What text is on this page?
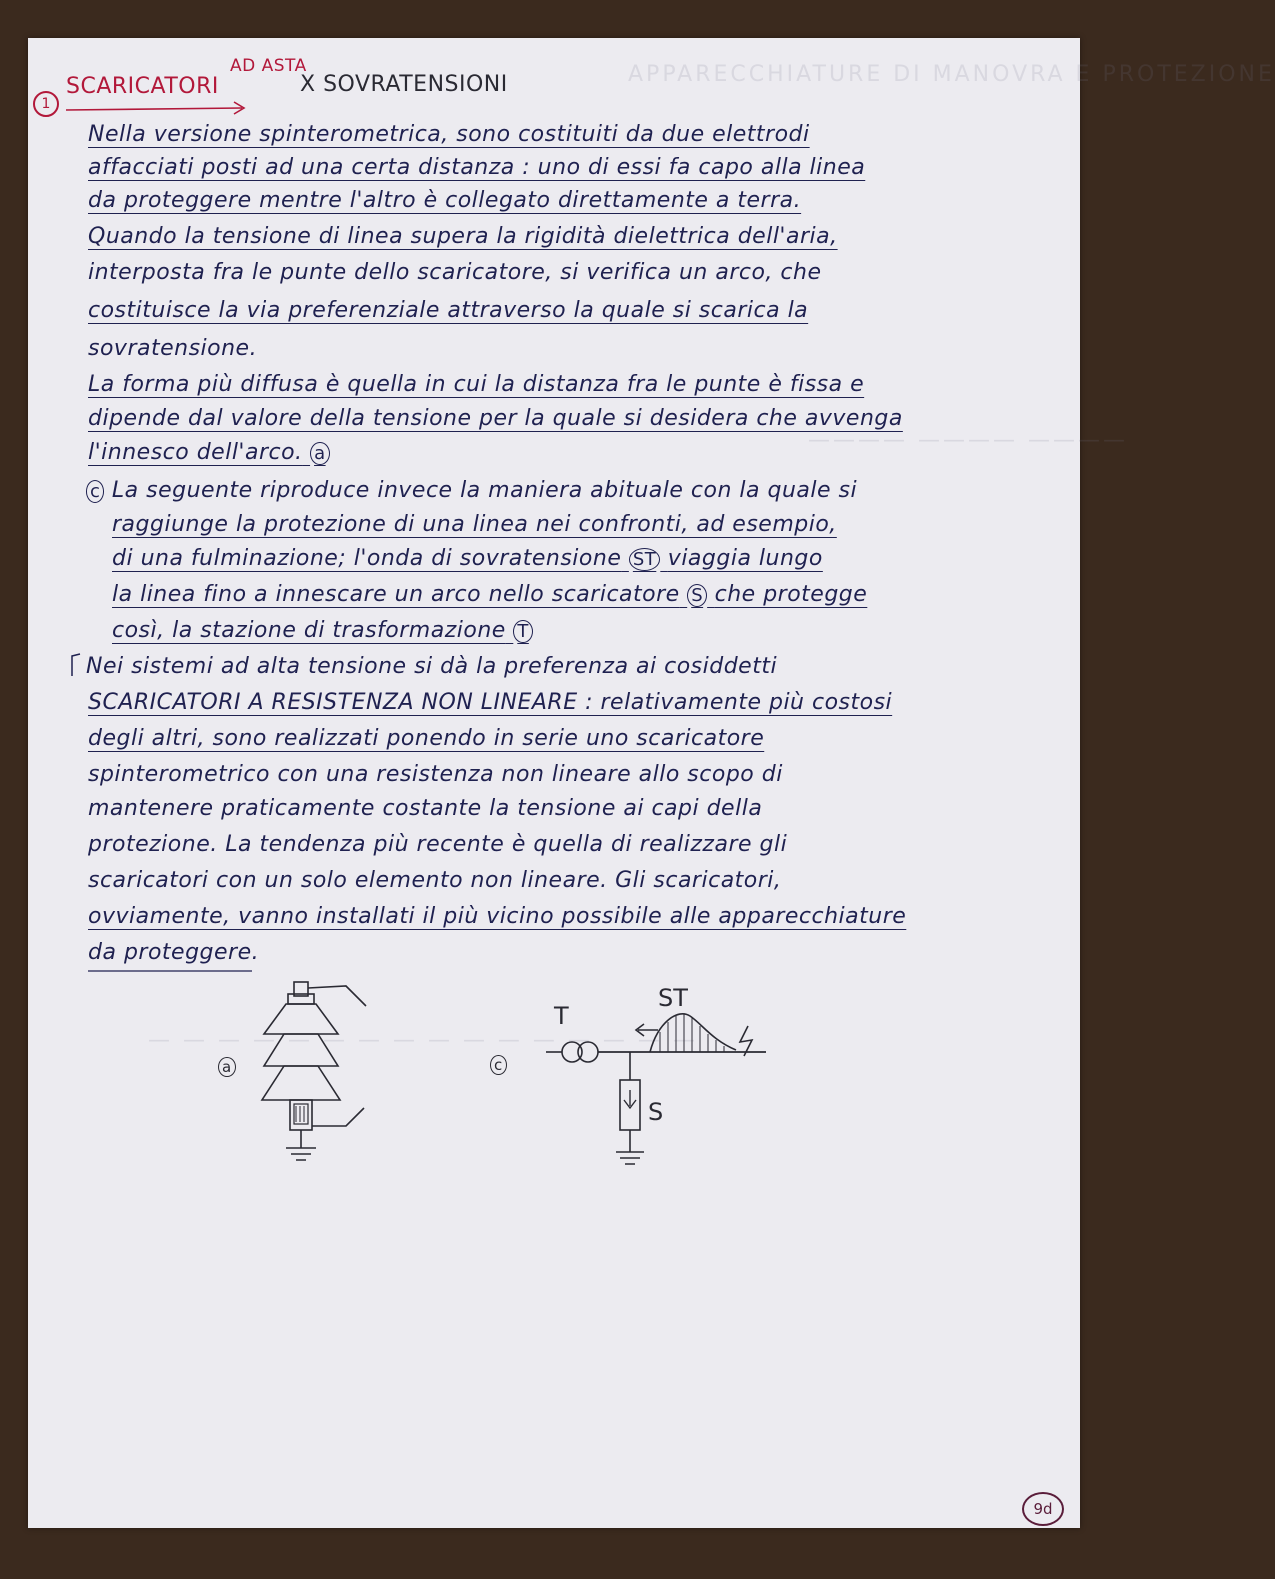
APPARECCHIATURE DI MANOVRA E PROTEZIONE
———— ———— ————
— — — — — — — — — — — — — — — —
1
SCARICATORI
AD ASTA
X SOVRATENSIONI
Nella versione spinterometrica, sono costituiti da due elettrodi
affacciati posti ad una certa distanza : uno di essi fa capo alla linea
da proteggere mentre l'altro è collegato direttamente a terra.
Quando la tensione di linea supera la rigidità dielettrica dell'aria,
interposta fra le punte dello scaricatore, si verifica un arco, che
costituisce la via preferenziale attraverso la quale si scarica la
sovratensione.
La forma più diffusa è quella in cui la distanza fra le punte è fissa e
dipende dal valore della tensione per la quale si desidera che avvenga
l'innesco dell'arco. a
c La seguente riproduce invece la maniera abituale con la quale si
raggiunge la protezione di una linea nei confronti, ad esempio,
di una fulminazione; l'onda di sovratensione ST viaggia lungo
la linea fino a innescare un arco nello scaricatore S che protegge
così, la stazione di trasformazione T
Nei sistemi ad alta tensione si dà la preferenza ai cosiddetti
SCARICATORI A RESISTENZA NON LINEARE : relativamente più costosi
degli altri, sono realizzati ponendo in serie uno scaricatore
spinterometrico con una resistenza non lineare allo scopo di
mantenere praticamente costante la tensione ai capi della
protezione. La tendenza più recente è quella di realizzare gli
scaricatori con un solo elemento non lineare. Gli scaricatori,
ovviamente, vanno installati il più vicino possibile alle apparecchiature
da proteggere.
a	c
T
ST
S
9d
